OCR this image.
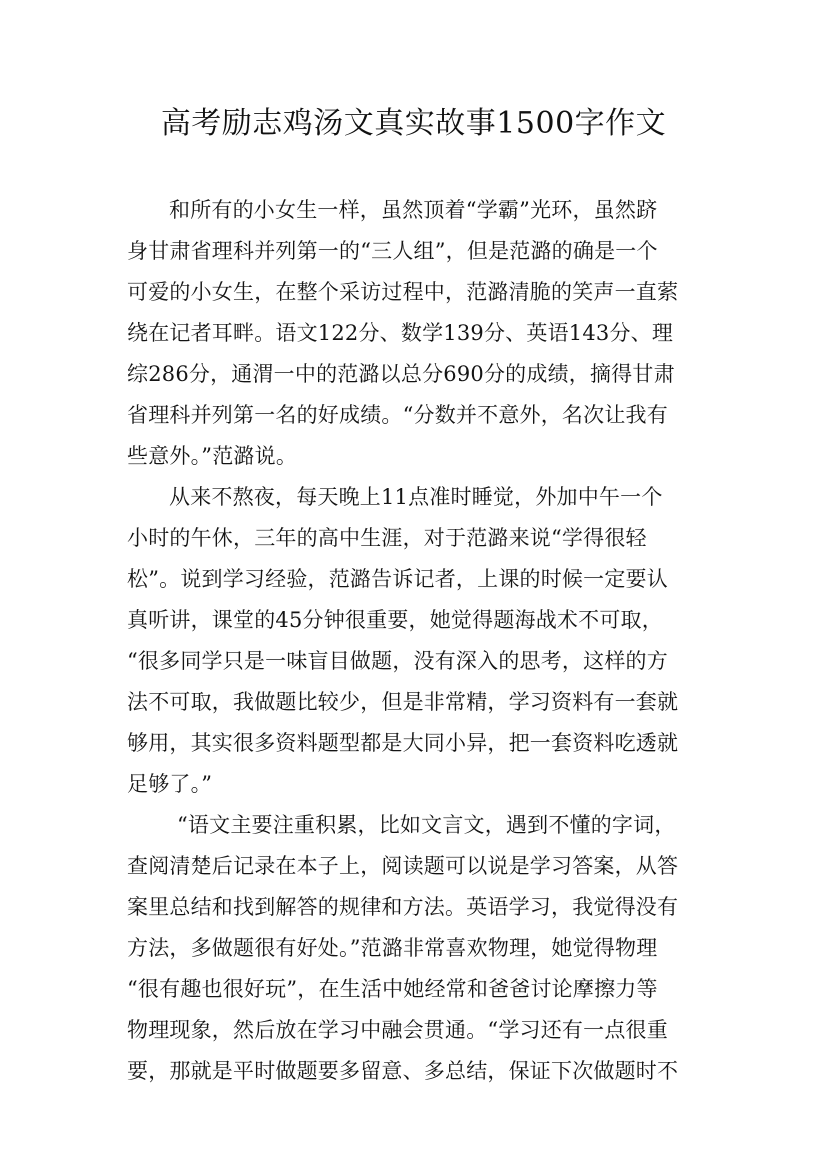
高考励志鸡汤文真实故事1500字作文
和所有的小女生一样，虽然顶着“学霸”光环，虽然跻
身甘肃省理科并列第一的“三人组”，但是范潞的确是一个
可爱的小女生，在整个采访过程中，范潞清脆的笑声一直萦
绕在记者耳畔。语文122分、数学139分、英语143分、理
综286分，通渭一中的范潞以总分690分的成绩，摘得甘肃
省理科并列第一名的好成绩。“分数并不意外，名次让我有
些意外。”范潞说。
从来不熬夜，每天晚上11点准时睡觉，外加中午一个
小时的午休，三年的高中生涯，对于范潞来说“学得很轻
松”。说到学习经验，范潞告诉记者，上课的时候一定要认
真听讲，课堂的45分钟很重要，她觉得题海战术不可取，
“很多同学只是一味盲目做题，没有深入的思考，这样的方
法不可取，我做题比较少，但是非常精，学习资料有一套就
够用，其实很多资料题型都是大同小异，把一套资料吃透就
足够了。”
“语文主要注重积累，比如文言文，遇到不懂的字词，
查阅清楚后记录在本子上，阅读题可以说是学习答案，从答
案里总结和找到解答的规律和方法。英语学习，我觉得没有
方法，多做题很有好处。”范潞非常喜欢物理，她觉得物理
“很有趣也很好玩”，在生活中她经常和爸爸讨论摩擦力等
物理现象，然后放在学习中融会贯通。“学习还有一点很重
要，那就是平时做题要多留意、多总结，保证下次做题时不
